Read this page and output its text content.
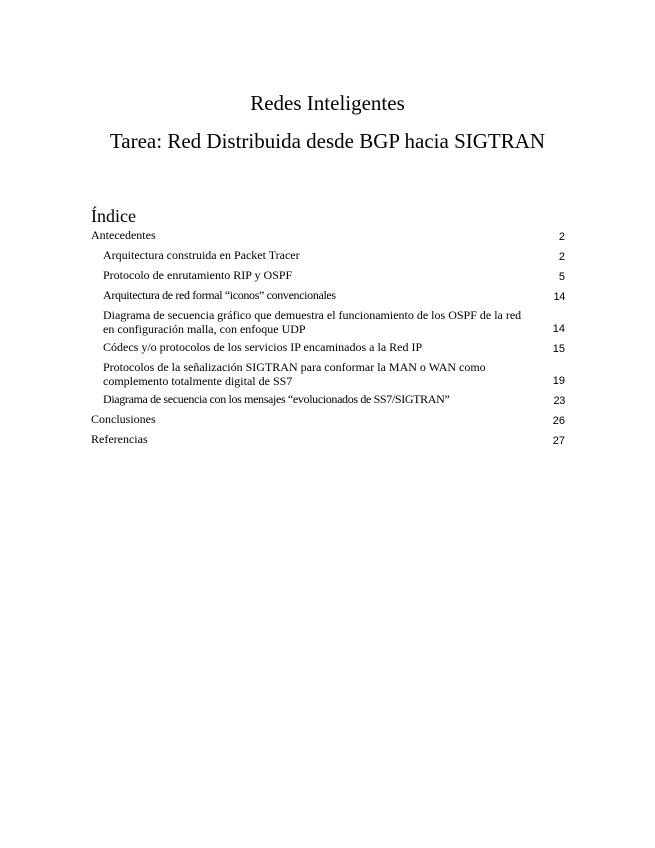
Redes Inteligentes
Tarea: Red Distribuida desde BGP hacia SIGTRAN
Índice
Antecedentes	2
Arquitectura construida en Packet Tracer	2
Protocolo de enrutamiento RIP y OSPF	5
Arquitectura de red formal “iconos” convencionales	14
Diagrama de secuencia gráfico que demuestra el funcionamiento de los OSPF de la red en configuración malla, con enfoque UDP	14
Códecs y/o protocolos de los servicios IP encaminados a la Red IP	15
Protocolos de la señalización SIGTRAN para conformar la MAN o WAN como complemento totalmente digital de SS7	19
Diagrama de secuencia con los mensajes “evolucionados de SS7/SIGTRAN”	23
Conclusiones	26
Referencias	27
